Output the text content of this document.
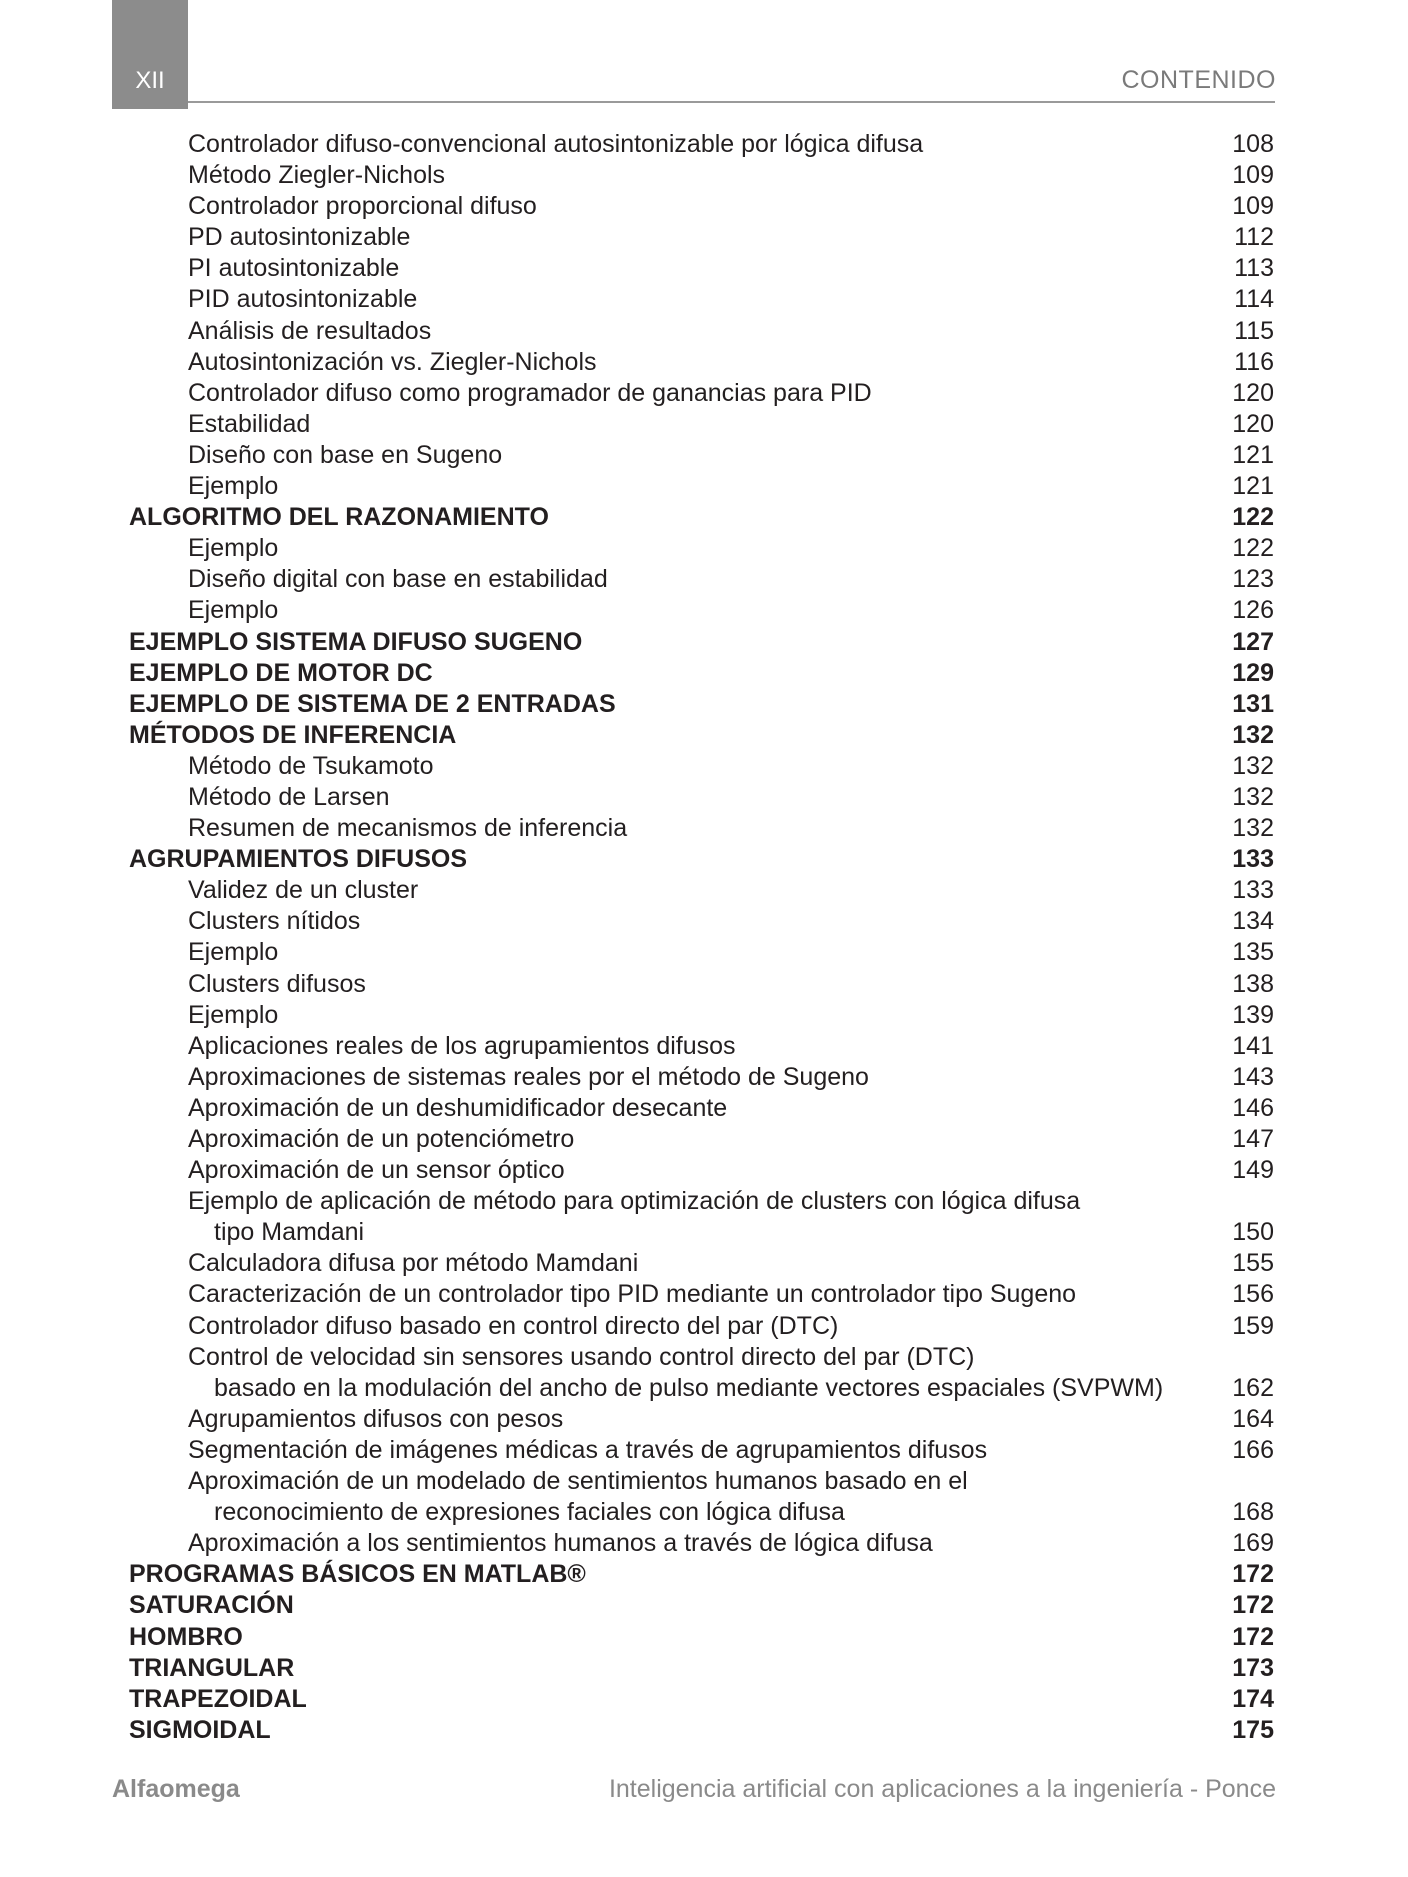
XII	CONTENIDO
Controlador difuso-convencional autosintonizable por lógica difusa	108
Método Ziegler-Nichols	109
Controlador proporcional difuso	109
PD autosintonizable	112
PI autosintonizable	113
PID autosintonizable	114
Análisis de resultados	115
Autosintonización vs. Ziegler-Nichols	116
Controlador difuso como programador de ganancias para PID	120
Estabilidad	120
Diseño con base en Sugeno	121
Ejemplo	121
ALGORITMO DEL RAZONAMIENTO	122
Ejemplo	122
Diseño digital con base en estabilidad	123
Ejemplo	126
EJEMPLO SISTEMA DIFUSO SUGENO	127
EJEMPLO DE MOTOR DC	129
EJEMPLO DE SISTEMA DE 2 ENTRADAS	131
MÉTODOS DE INFERENCIA	132
Método de Tsukamoto	132
Método de Larsen	132
Resumen de mecanismos de inferencia	132
AGRUPAMIENTOS DIFUSOS	133
Validez de un cluster	133
Clusters nítidos	134
Ejemplo	135
Clusters difusos	138
Ejemplo	139
Aplicaciones reales de los agrupamientos difusos	141
Aproximaciones de sistemas reales por el método de Sugeno	143
Aproximación de un deshumidificador desecante	146
Aproximación de un potenciómetro	147
Aproximación de un sensor óptico	149
Ejemplo de aplicación de método para optimización de clusters con lógica difusa
tipo Mamdani	150
Calculadora difusa por método Mamdani	155
Caracterización de un controlador tipo PID mediante un controlador tipo Sugeno	156
Controlador difuso basado en control directo del par (DTC)	159
Control de velocidad sin sensores usando control directo del par (DTC)
basado en la modulación del ancho de pulso mediante vectores espaciales (SVPWM)	162
Agrupamientos difusos con pesos	164
Segmentación de imágenes médicas a través de agrupamientos difusos	166
Aproximación de un modelado de sentimientos humanos basado en el
reconocimiento de expresiones faciales con lógica difusa	168
Aproximación a los sentimientos humanos a través de lógica difusa	169
PROGRAMAS BÁSICOS EN MATLAB®	172
SATURACIÓN	172
HOMBRO	172
TRIANGULAR	173
TRAPEZOIDAL	174
SIGMOIDAL	175
Alfaomega	Inteligencia artificial con aplicaciones a la ingeniería - Ponce
